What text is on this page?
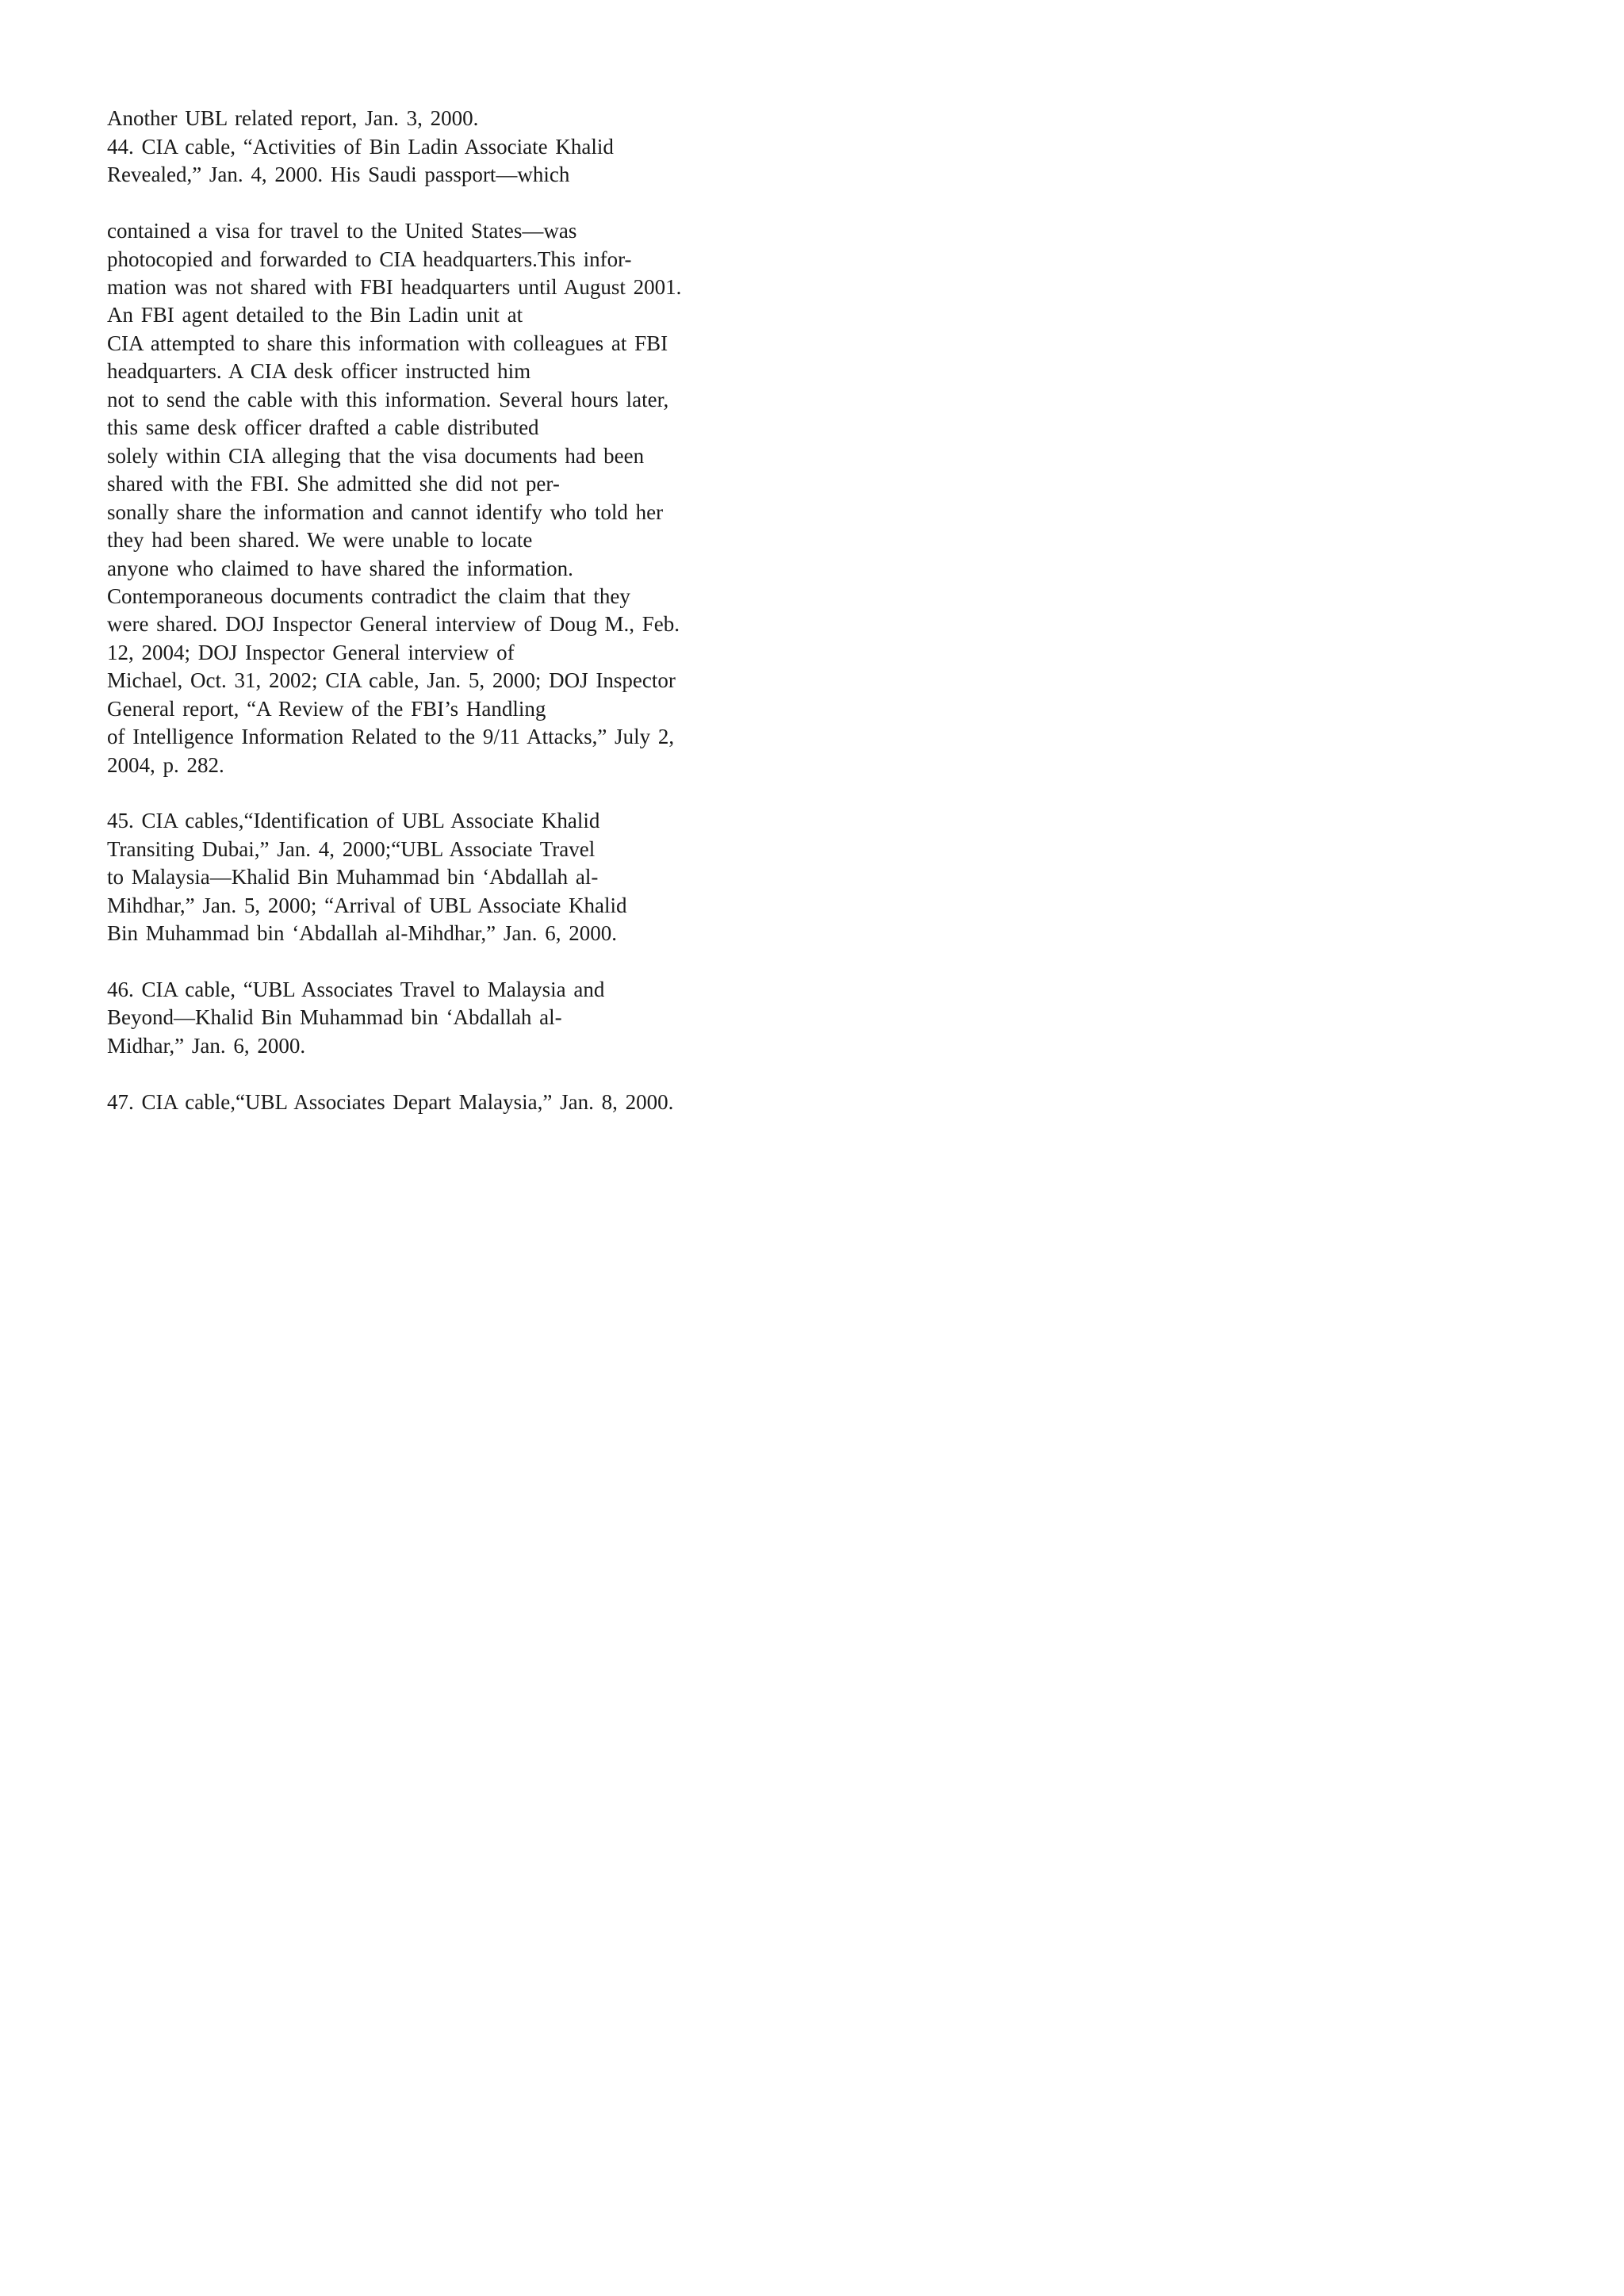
Another UBL related report, Jan. 3, 2000.

44. CIA cable, “Activities of Bin Ladin Associate Khalid

Revealed,” Jan. 4, 2000. His Saudi passport—which

contained a visa for travel to the United States—was

photocopied and forwarded to CIA headquarters.This infor-

mation was not shared with FBI headquarters until August 2001.

An FBI agent detailed to the Bin Ladin unit at

CIA attempted to share this information with colleagues at FBI

headquarters. A CIA desk officer instructed him

not to send the cable with this information. Several hours later,

this same desk officer drafted a cable distributed

solely within CIA alleging that the visa documents had been

shared with the FBI. She admitted she did not per-

sonally share the information and cannot identify who told her

they had been shared. We were unable to locate

anyone who claimed to have shared the information.

Contemporaneous documents contradict the claim that they

were shared. DOJ Inspector General interview of Doug M., Feb.

12, 2004; DOJ Inspector General interview of

Michael, Oct. 31, 2002; CIA cable, Jan. 5, 2000; DOJ Inspector

General report, “A Review of the FBI’s Handling

of Intelligence Information Related to the 9/11 Attacks,” July 2,

2004, p. 282.

45. CIA cables,“Identification of UBL Associate Khalid

Transiting Dubai,” Jan. 4, 2000;“UBL Associate Travel

to Malaysia—Khalid Bin Muhammad bin ‘Abdallah al-

Mihdhar,” Jan. 5, 2000; “Arrival of UBL Associate Khalid

Bin Muhammad bin ‘Abdallah al-Mihdhar,” Jan. 6, 2000.

46. CIA cable, “UBL Associates Travel to Malaysia and

Beyond—Khalid Bin Muhammad bin ‘Abdallah al-

Midhar,” Jan. 6, 2000.

47. CIA cable,“UBL Associates Depart Malaysia,” Jan. 8, 2000.
